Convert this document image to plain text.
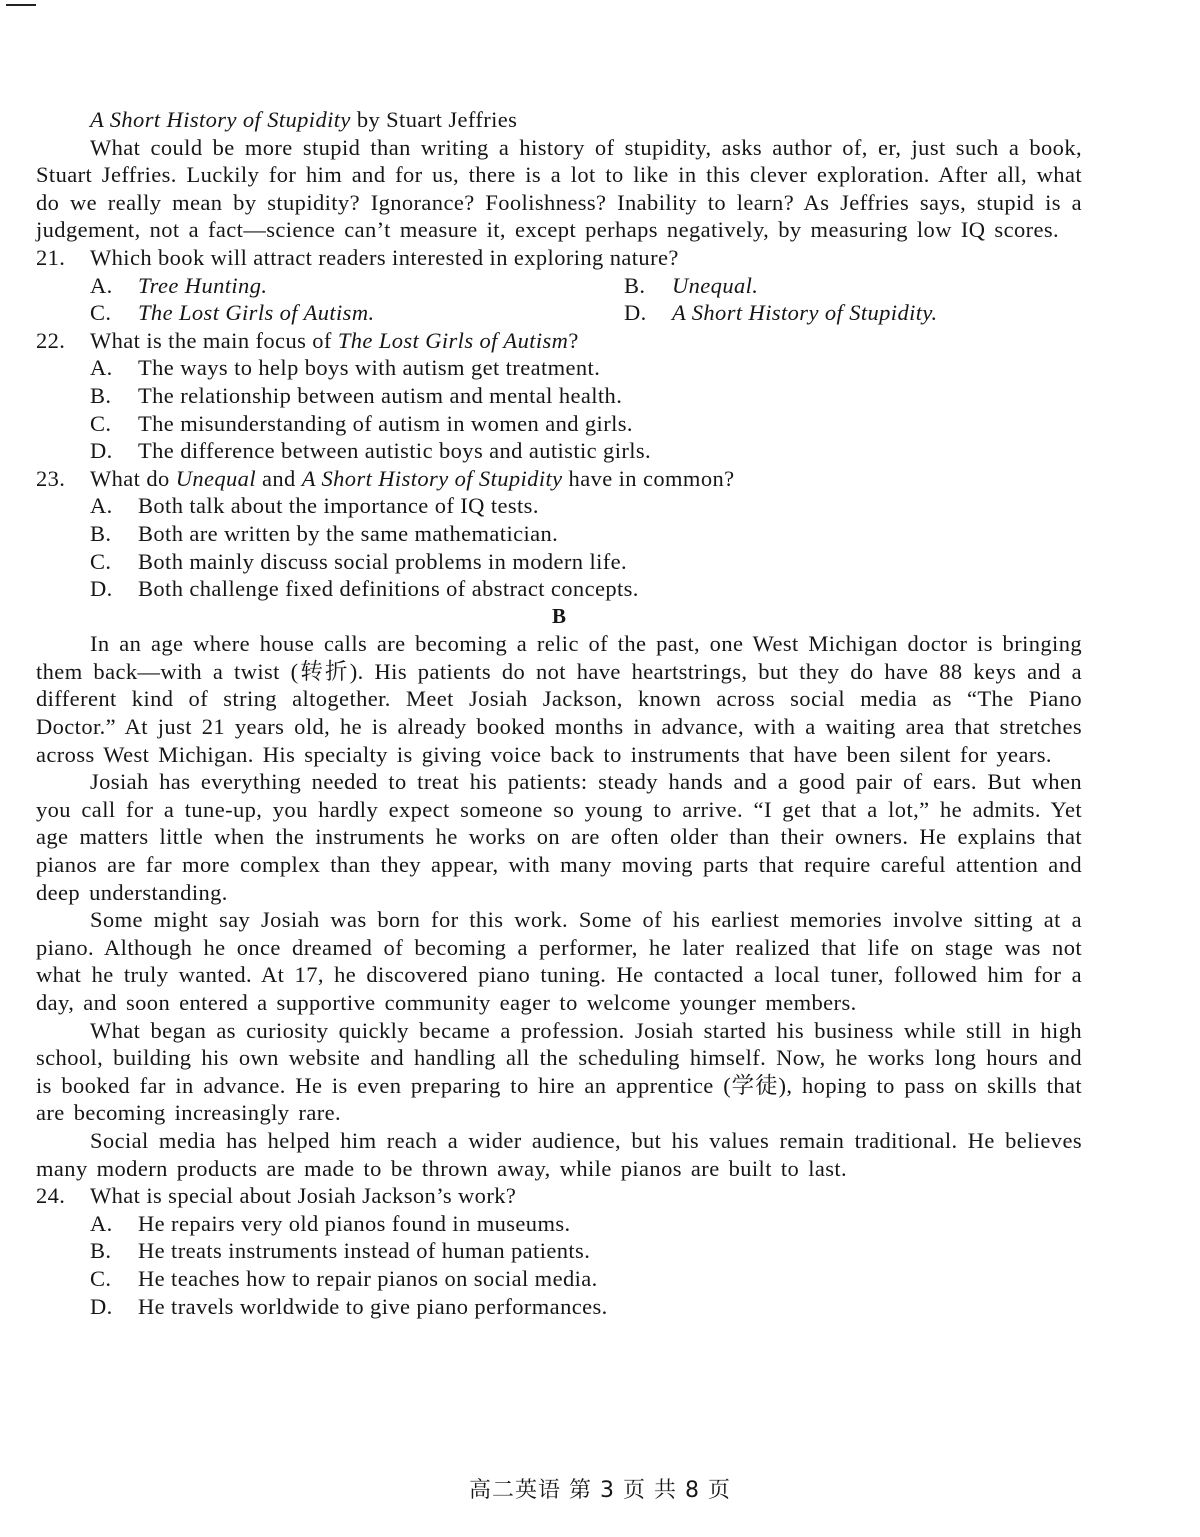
A Short History of Stupidity by Stuart Jeffries

What could be more stupid than writing a history of stupidity, asks author of, er, just such a book, Stuart Jeffries. Luckily for him and for us, there is a lot to like in this clever exploration. After all, what do we really mean by stupidity? Ignorance? Foolishness? Inability to learn? As Jeffries says, stupid is a judgement, not a fact—science can’t measure it, except perhaps negatively, by measuring low IQ scores.

21.	Which book will attract readers interested in exploring nature?
A.	Tree Hunting.	B.	Unequal.
C.	The Lost Girls of Autism.	D.	A Short History of Stupidity.
22.	What is the main focus of The Lost Girls of Autism?
A.	The ways to help boys with autism get treatment.
B.	The relationship between autism and mental health.
C.	The misunderstanding of autism in women and girls.
D.	The difference between autistic boys and autistic girls.
23.	What do Unequal and A Short History of Stupidity have in common?
A.	Both talk about the importance of IQ tests.
B.	Both are written by the same mathematician.
C.	Both mainly discuss social problems in modern life.
D.	Both challenge fixed definitions of abstract concepts.
B

In an age where house calls are becoming a relic of the past, one West Michigan doctor is bringing them back—with a twist (转折). His patients do not have heartstrings, but they do have 88 keys and a different kind of string altogether. Meet Josiah Jackson, known across social media as “The Piano Doctor.” At just 21 years old, he is already booked months in advance, with a waiting area that stretches across West Michigan. His specialty is giving voice back to instruments that have been silent for years.

Josiah has everything needed to treat his patients: steady hands and a good pair of ears. But when you call for a tune-up, you hardly expect someone so young to arrive. “I get that a lot,” he admits. Yet age matters little when the instruments he works on are often older than their owners. He explains that pianos are far more complex than they appear, with many moving parts that require careful attention and deep understanding.

Some might say Josiah was born for this work. Some of his earliest memories involve sitting at a piano. Although he once dreamed of becoming a performer, he later realized that life on stage was not what he truly wanted. At 17, he discovered piano tuning. He contacted a local tuner, followed him for a day, and soon entered a supportive community eager to welcome younger members.

What began as curiosity quickly became a profession. Josiah started his business while still in high school, building his own website and handling all the scheduling himself. Now, he works long hours and is booked far in advance. He is even preparing to hire an apprentice (学徒), hoping to pass on skills that are becoming increasingly rare.

Social media has helped him reach a wider audience, but his values remain traditional. He believes many modern products are made to be thrown away, while pianos are built to last.

24.	What is special about Josiah Jackson’s work?
A.	He repairs very old pianos found in museums.
B.	He treats instruments instead of human patients.
C.	He teaches how to repair pianos on social media.
D.	He travels worldwide to give piano performances.
高二英语 第 3 页 共 8 页
